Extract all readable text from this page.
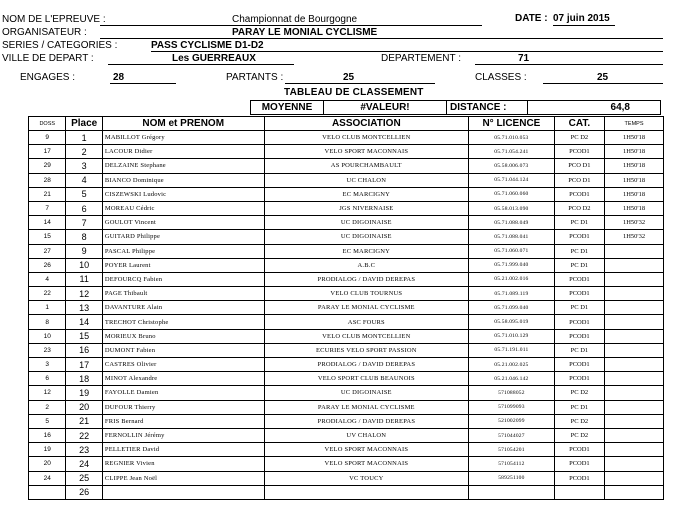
NOM DE L'EPREUVE :	Championnat de Bourgogne	DATE : 07 juin 2015
ORGANISATEUR :	PARAY LE MONIAL CYCLISME
SERIES / CATEGORIES :	PASS CYCLISME D1-D2
VILLE DE DEPART :	Les GUERREAUX	DEPARTEMENT :	71
ENGAGES :	28	PARTANTS :	25	CLASSES :	25
TABLEAU DE CLASSEMENT
MOYENNE	#VALEUR!	DISTANCE :	64,8
DOSS	Place	NOM et PRENOM	ASSOCIATION	N° LICENCE	CAT.	TEMPS
9	1	MABILLOT Grégory	VELO CLUB MONTCELLIEN	05.71.010.053	PC D2	1H50'18
17	2	LACOUR Didier	VELO SPORT MACONNAIS	05.71.054.241	PCOD1	1H50'18
29	3	DELZAINE Stephane	AS POURCHAMBAULT	05.58.006.073	PCO D1	1H50'18
28	4	BIANCO Dominique	UC CHALON	05.71.044.124	PCO D1	1H50'18
21	5	CISZEWSKI Ludovic	EC MARCIGNY	05.71.060.060	PCOD1	1H50'18
7	6	MOREAU Cédric	JGS NIVERNAISE	05.58.013.090	PCO D2	1H50'18
14	7	GOULOT Vincent	UC DIGOINAISE	05.71.088.049	PC D1	1H50'32
15	8	GUITARD Philippe	UC DIGOINAISE	05.71.088.041	PCOD1	1H50'32
27	9	PASCAL Philippe	EC MARCIGNY	05.71.060.071	PC D1	
26	10	POYER Laurent	A.B.C	05.71.999.040	PC D1	
4	11	DEFOURCQ Fabien	PRODIALOG / DAVID DEREPAS	05.21.002.016	PCOD1	
22	12	PAGE Thibault	VELO CLUB TOURNUS	05.71.089.119	PCOD1	
1	13	DAVANTURE Alain	PARAY LE MONIAL CYCLISME	05.71.099.040	PC D1	
8	14	TRECHOT Christophe	ASC FOURS	05.58.095.019	PCOD1	
10	15	MORIEUX Bruno	VELO CLUB MONTCELLIEN	05.71.010.129	PCOD1	
23	16	DUMONT Fabien	ECURIES VELO SPORT PASSION	05.71.191.011	PC D1	
3	17	CASTRES Olivier	PRODIALOG / DAVID DEREPAS	05.21.002.025	PCOD1	
6	18	MINOT Alexandre	VELO SPORT CLUB BEAUNOIS	05.21.046.142	PCOD1	
12	19	FAYOLLE Damien	UC DIGOINAISE	571088052	PC D2	
2	20	DUFOUR Thierry	PARAY LE MONIAL CYCLISME	571099093	PC D1	
5	21	FRIS Bernard	PRODIALOG / DAVID DEREPAS	521002099	PC D2	
16	22	FERNOLLIN Jérémy	UV CHALON	571044027	PC D2	
19	23	PELLETIER David	VELO SPORT MACONNAIS	571054201	PCOD1	
20	24	REGNIER Vivien	VELO SPORT MACONNAIS	571054112	PCOD1	
24	25	CLIPPE Jean Noël	VC TOUCY	589251100	PCOD1	
	26					
